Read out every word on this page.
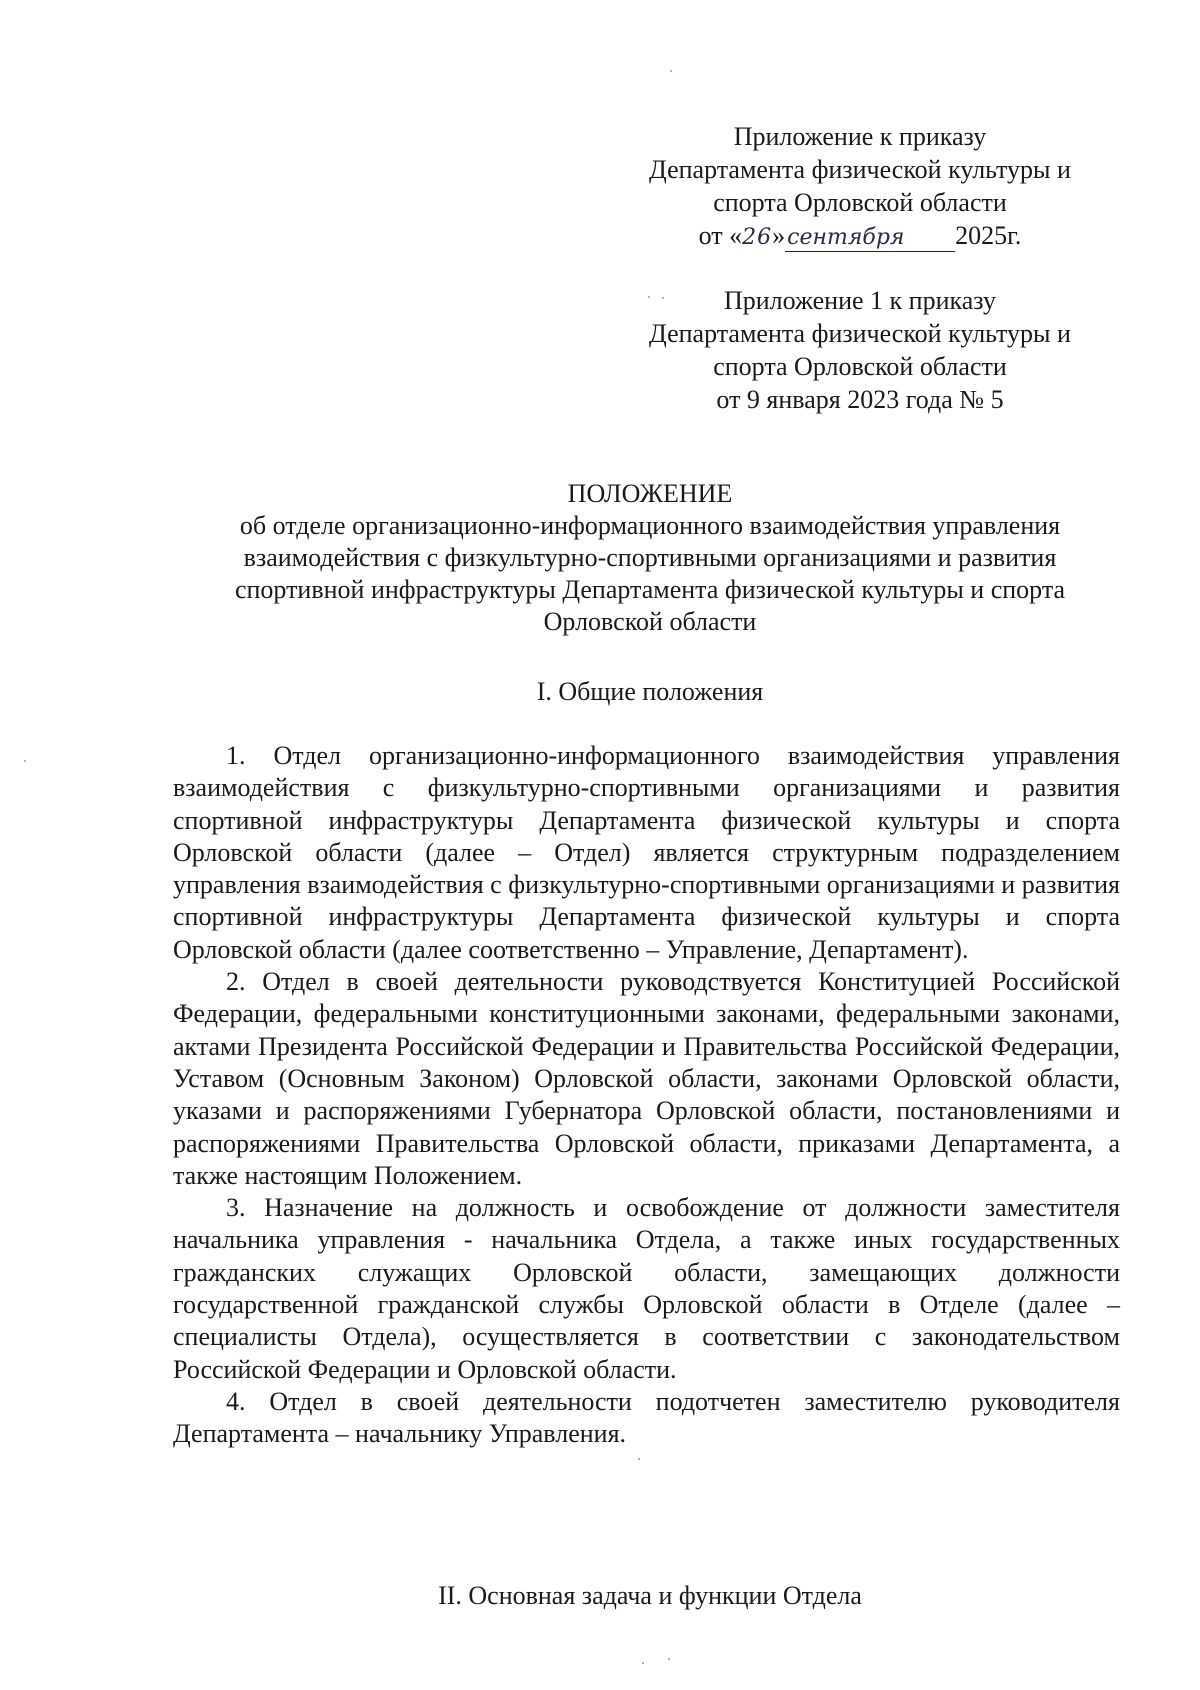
Приложение к приказу
Департамента физической культуры и
спорта Орловской области
от «26»сентября 2025г.
Приложение 1 к приказу
Департамента физической культуры и
спорта Орловской области
от 9 января 2023 года № 5
ПОЛОЖЕНИЕ
об отделе организационно-информационного взаимодействия управления
взаимодействия с физкультурно-спортивными организациями и развития
спортивной инфраструктуры Департамента физической культуры и спорта
Орловской области
I. Общие положения

1. Отдел организационно-информационного взаимодействия управления взаимодействия с физкультурно-спортивными организациями и развития спортивной инфраструктуры Департамента физической культуры и спорта Орловской области (далее – Отдел) является структурным подразделением управления взаимодействия с физкультурно-спортивными организациями и развития спортивной инфраструктуры Департамента физической культуры и спорта Орловской области (далее соответственно – Управление, Департамент).

2. Отдел в своей деятельности руководствуется Конституцией Российской Федерации, федеральными конституционными законами, федеральными законами, актами Президента Российской Федерации и Правительства Российской Федерации, Уставом (Основным Законом) Орловской области, законами Орловской области, указами и распоряжениями Губернатора Орловской области, постановлениями и распоряжениями Правительства Орловской области, приказами Департамента, а также настоящим Положением.

3. Назначение на должность и освобождение от должности заместителя начальника управления - начальника Отдела, а также иных государственных гражданских служащих Орловской области, замещающих должности государственной гражданской службы Орловской области в Отделе (далее – специалисты Отдела), осуществляется в соответствии с законодательством Российской Федерации и Орловской области.

4. Отдел в своей деятельности подотчетен заместителю руководителя Департамента – начальнику Управления.

II. Основная задача и функции Отдела
